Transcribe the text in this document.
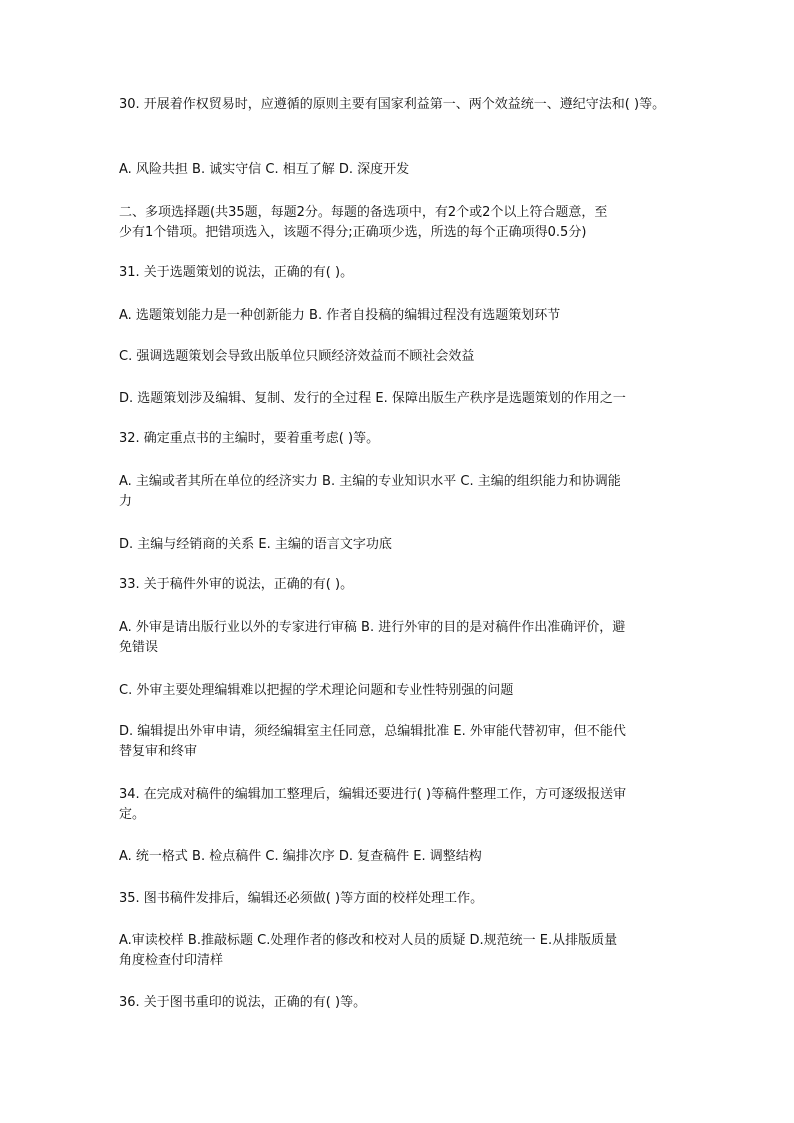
30. 开展着作权贸易时，应遵循的原则主要有国家利益第一、两个效益统一、遵纪守法和( )等。
A. 风险共担 B. 诚实守信 C. 相互了解 D. 深度开发
二、多项选择题(共35题，每题2分。每题的备选项中，有2个或2个以上符合题意，至
少有1个错项。把错项选入，该题不得分;正确项少选，所选的每个正确项得0.5分)
31. 关于选题策划的说法，正确的有( )。
A. 选题策划能力是一种创新能力 B. 作者自投稿的编辑过程没有选题策划环节
C. 强调选题策划会导致出版单位只顾经济效益而不顾社会效益
D. 选题策划涉及编辑、复制、发行的全过程 E. 保障出版生产秩序是选题策划的作用之一
32. 确定重点书的主编时，要着重考虑( )等。
A. 主编或者其所在单位的经济实力 B. 主编的专业知识水平 C. 主编的组织能力和协调能
力
D. 主编与经销商的关系 E. 主编的语言文字功底
33. 关于稿件外审的说法，正确的有( )。
A. 外审是请出版行业以外的专家进行审稿 B. 进行外审的目的是对稿件作出准确评价，避
免错误
C. 外审主要处理编辑难以把握的学术理论问题和专业性特别强的问题
D. 编辑提出外审申请，须经编辑室主任同意，总编辑批准 E. 外审能代替初审，但不能代
替复审和终审
34. 在完成对稿件的编辑加工整理后，编辑还要进行( )等稿件整理工作，方可逐级报送审
定。
A. 统一格式 B. 检点稿件 C. 编排次序 D. 复查稿件 E. 调整结构
35. 图书稿件发排后，编辑还必须做( )等方面的校样处理工作。
A.审读校样 B.推敲标题 C.处理作者的修改和校对人员的质疑 D.规范统一 E.从排版质量
角度检查付印清样
36. 关于图书重印的说法，正确的有( )等。
